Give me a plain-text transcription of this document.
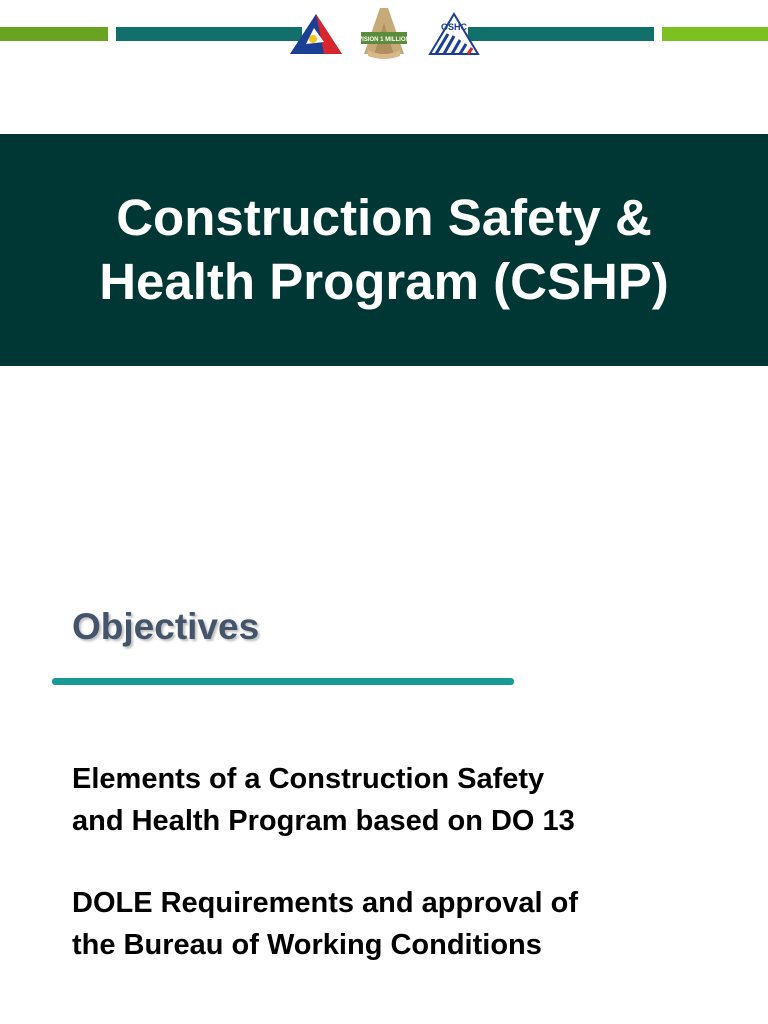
VISION 1 MILLION
OSHC
Construction Safety &
Health Program (CSHP)
Objectives

Elements of a Construction Safety
and Health Program based on DO 13

DOLE Requirements and approval of
the Bureau of Working Conditions
